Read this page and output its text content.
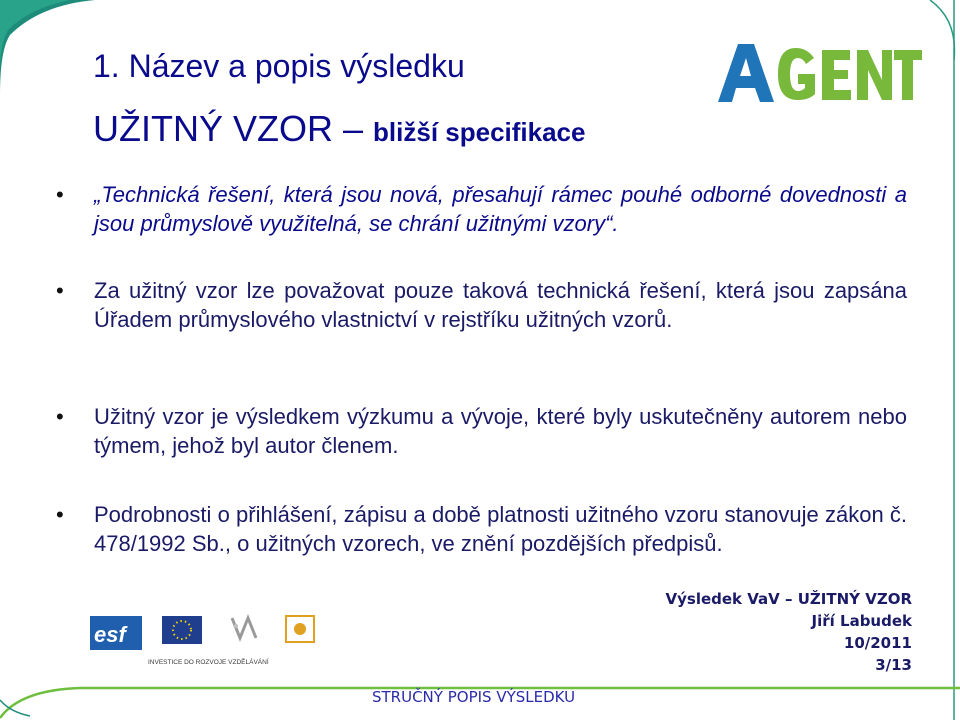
1. Název a popis výsledku
UŽITNÝ VZOR – bližší specifikace
• „Technická řešení, která jsou nová, přesahují rámec pouhé odborné dovednosti a jsou průmyslově využitelná, se chrání užitnými vzory“.
• Za užitný vzor lze považovat pouze taková technická řešení, která jsou zapsána Úřadem průmyslového vlastnictví v rejstříku užitných vzorů.
• Užitný vzor je výsledkem výzkumu a vývoje, které byly uskutečněny autorem nebo týmem, jehož byl autor členem.
• Podrobnosti o přihlášení, zápisu a době platnosti užitného vzoru stanovuje zákon č. 478/1992 Sb., o užitných vzorech, ve znění pozdějších předpisů.
esf
INVESTICE DO ROZVOJE VZDĚLÁVÁNÍ
Výsledek VaV – UŽITNÝ VZOR
Jiří Labudek
10/2011
3/13
STRUČNÝ POPIS VÝSLEDKU
